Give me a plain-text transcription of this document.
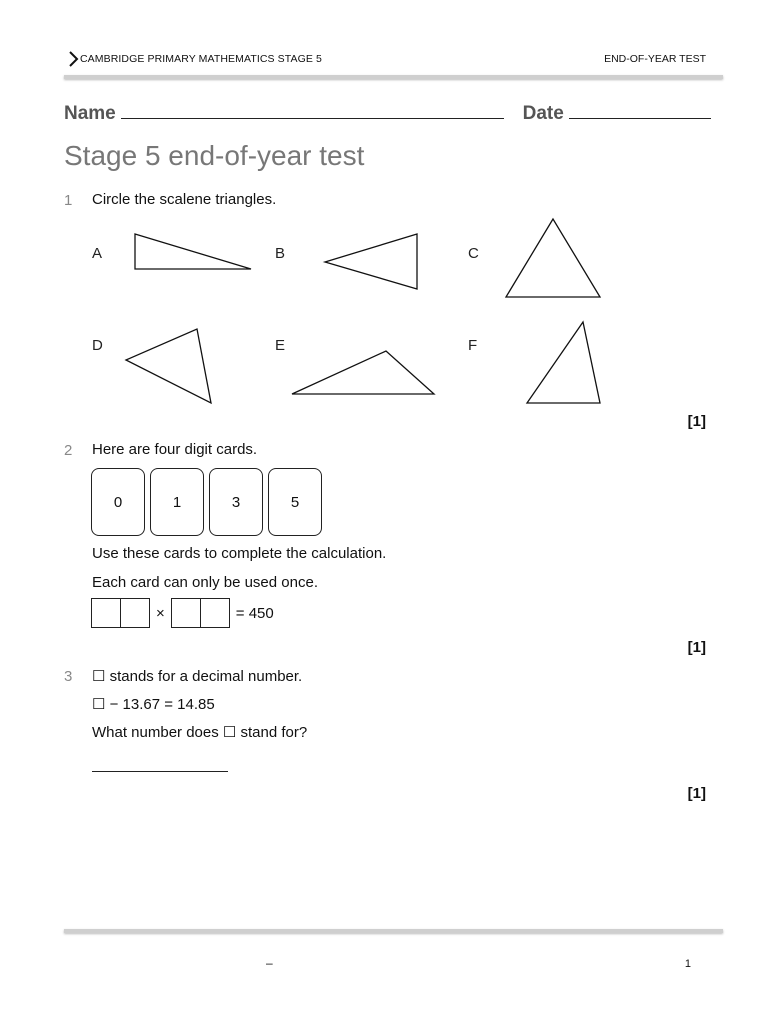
CAMBRIDGE PRIMARY MATHEMATICS STAGE 5	END-OF-YEAR TEST
Name	Date
Stage 5 end-of-year test
1 Circle the scalene triangles.
A	B	C
D	E	F
[1]
2 Here are four digit cards.
0	1	3	5
Use these cards to complete the calculation.
Each card can only be used once.
×	= 450
[1]
3 ☐ stands for a decimal number.
☐ − 13.67 = 14.85
What number does ☐ stand for?
[1]
–	1
